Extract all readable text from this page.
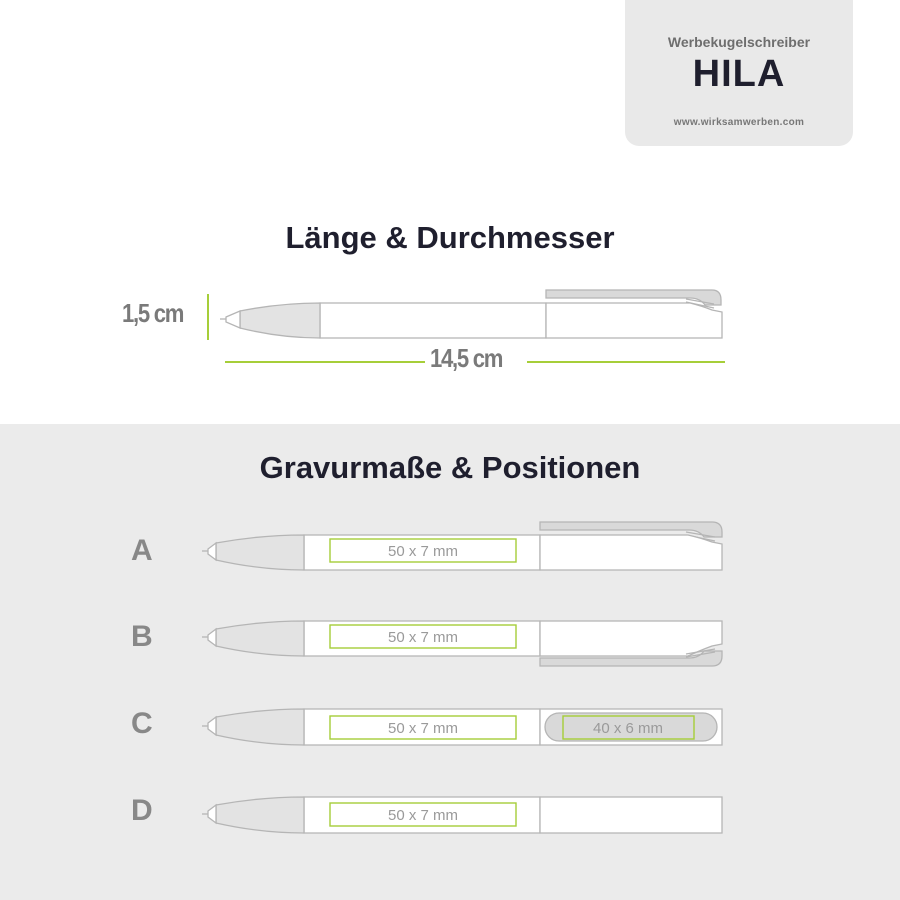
Werbekugelschreiber
HILA
www.wirksamwerben.com
Länge & Durchmesser
1,5 cm
14,5 cm
Gravurmaße & Positionen
A
B
C
D
50 x 7 mm
50 x 7 mm
50 x 7 mm	40 x 6 mm
50 x 7 mm
